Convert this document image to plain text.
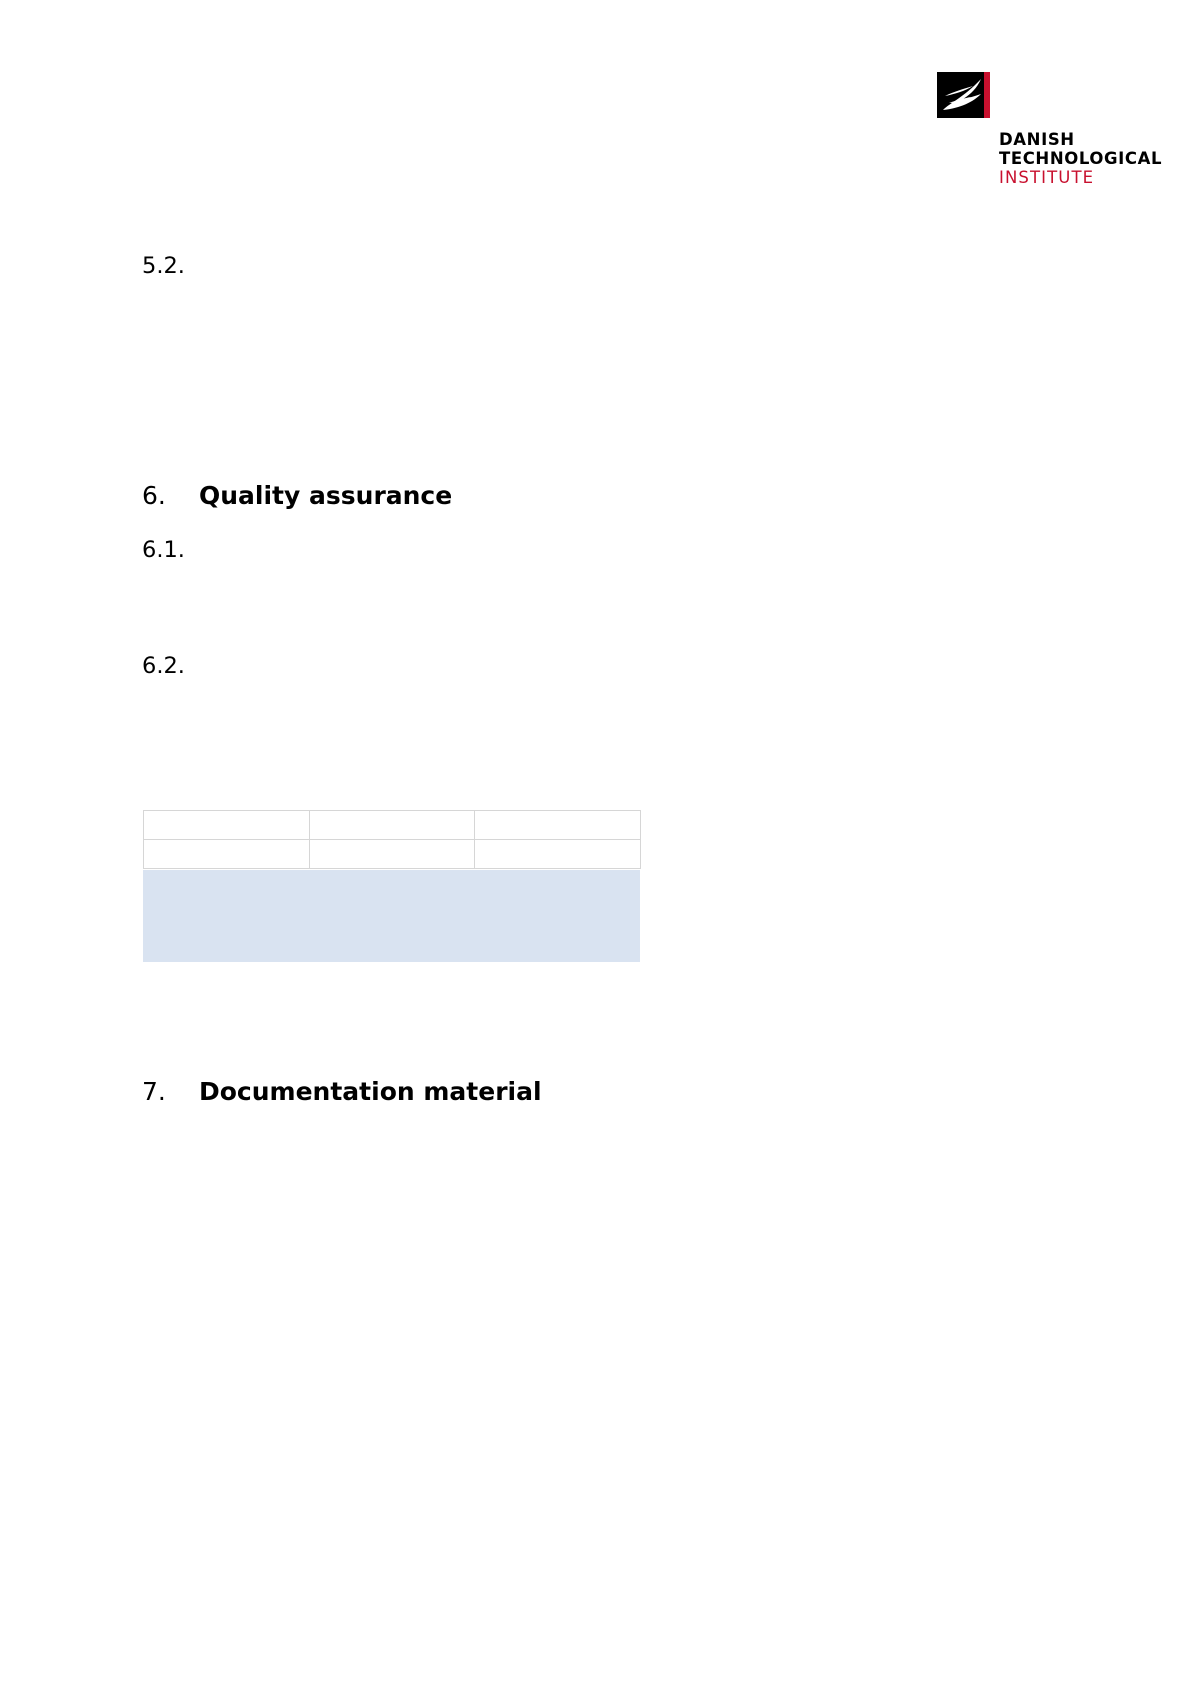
DANISH
TECHNOLOGICAL
INSTITUTE
5.2.
6. Quality assurance
6.1.
6.2.
7. Documentation material
